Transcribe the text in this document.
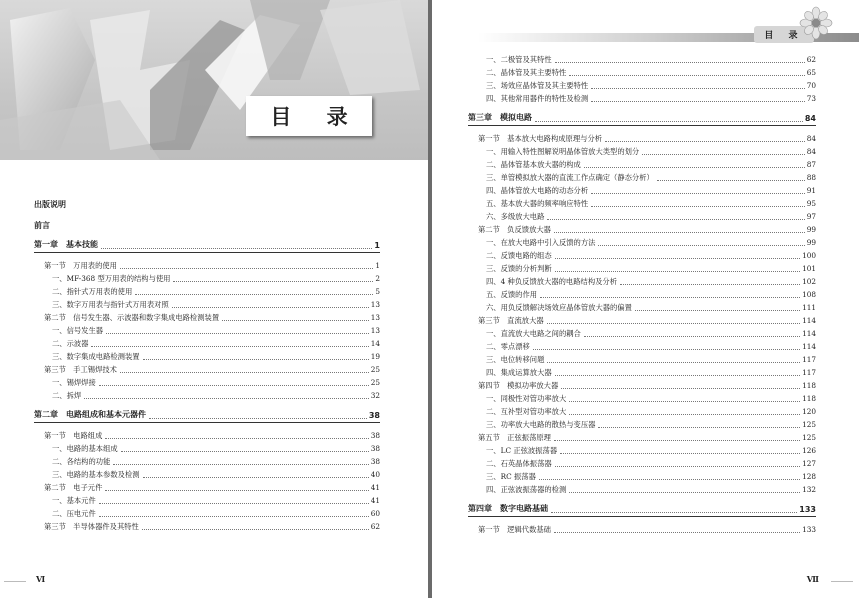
目 录
出版说明
前言
第一章　基本技能	1
第一节　万用表的使用	1
一、MF-368 型万用表的结构与使用	2
二、指针式万用表的使用	5
三、数字万用表与指针式万用表对照	13
第二节　信号发生器、示波器和数字集成电路检测装置	13
一、信号发生器	13
二、示波器	14
三、数字集成电路检测装置	19
第三节　手工锡焊技术	25
一、锡焊焊接	25
二、拆焊	32
第二章　电路组成和基本元器件	38
第一节　电路组成	38
一、电路的基本组成	38
二、各结构的功能	38
三、电路的基本参数及检测	40
第二节　电子元件	41
一、基本元件	41
二、压电元件	60
第三节　半导体器件及其特性	62
Ⅵ
目 录
一、二极管及其特性	62
二、晶体管及其主要特性	65
三、场效应晶体管及其主要特性	70
四、其他常用器件的特性及检测	73
第三章　模拟电路	84
第一节　基本放大电路构成原理与分析	84
一、用输入特性图解说明晶体管放大类型的划分	84
二、晶体管基本放大器的构成	87
三、单管模拟放大器的直流工作点确定（静态分析）	88
四、晶体管放大电路的动态分析	91
五、基本放大器的频率响应特性	95
六、多级放大电路	97
第二节　负反馈放大器	99
一、在放大电路中引入反馈的方法	99
二、反馈电路的组态	100
三、反馈的分析判断	101
四、4 种负反馈放大器的电路结构及分析	102
五、反馈的作用	108
六、用负反馈解决场效应晶体管放大器的偏置	111
第三节　直流放大器	114
一、直流放大电路之间的耦合	114
二、零点漂移	114
三、电位转移问题	117
四、集成运算放大器	117
第四节　模拟功率放大器	118
一、同极性对管功率放大	118
二、互补型对管功率放大	120
三、功率放大电路的散热与变压器	125
第五节　正弦振荡原理	125
一、LC 正弦波振荡器	126
二、石英晶体振荡器	127
三、RC 振荡器	128
四、正弦波振荡器的检测	132
第四章　数字电路基础	133
第一节　逻辑代数基础	133
Ⅶ
